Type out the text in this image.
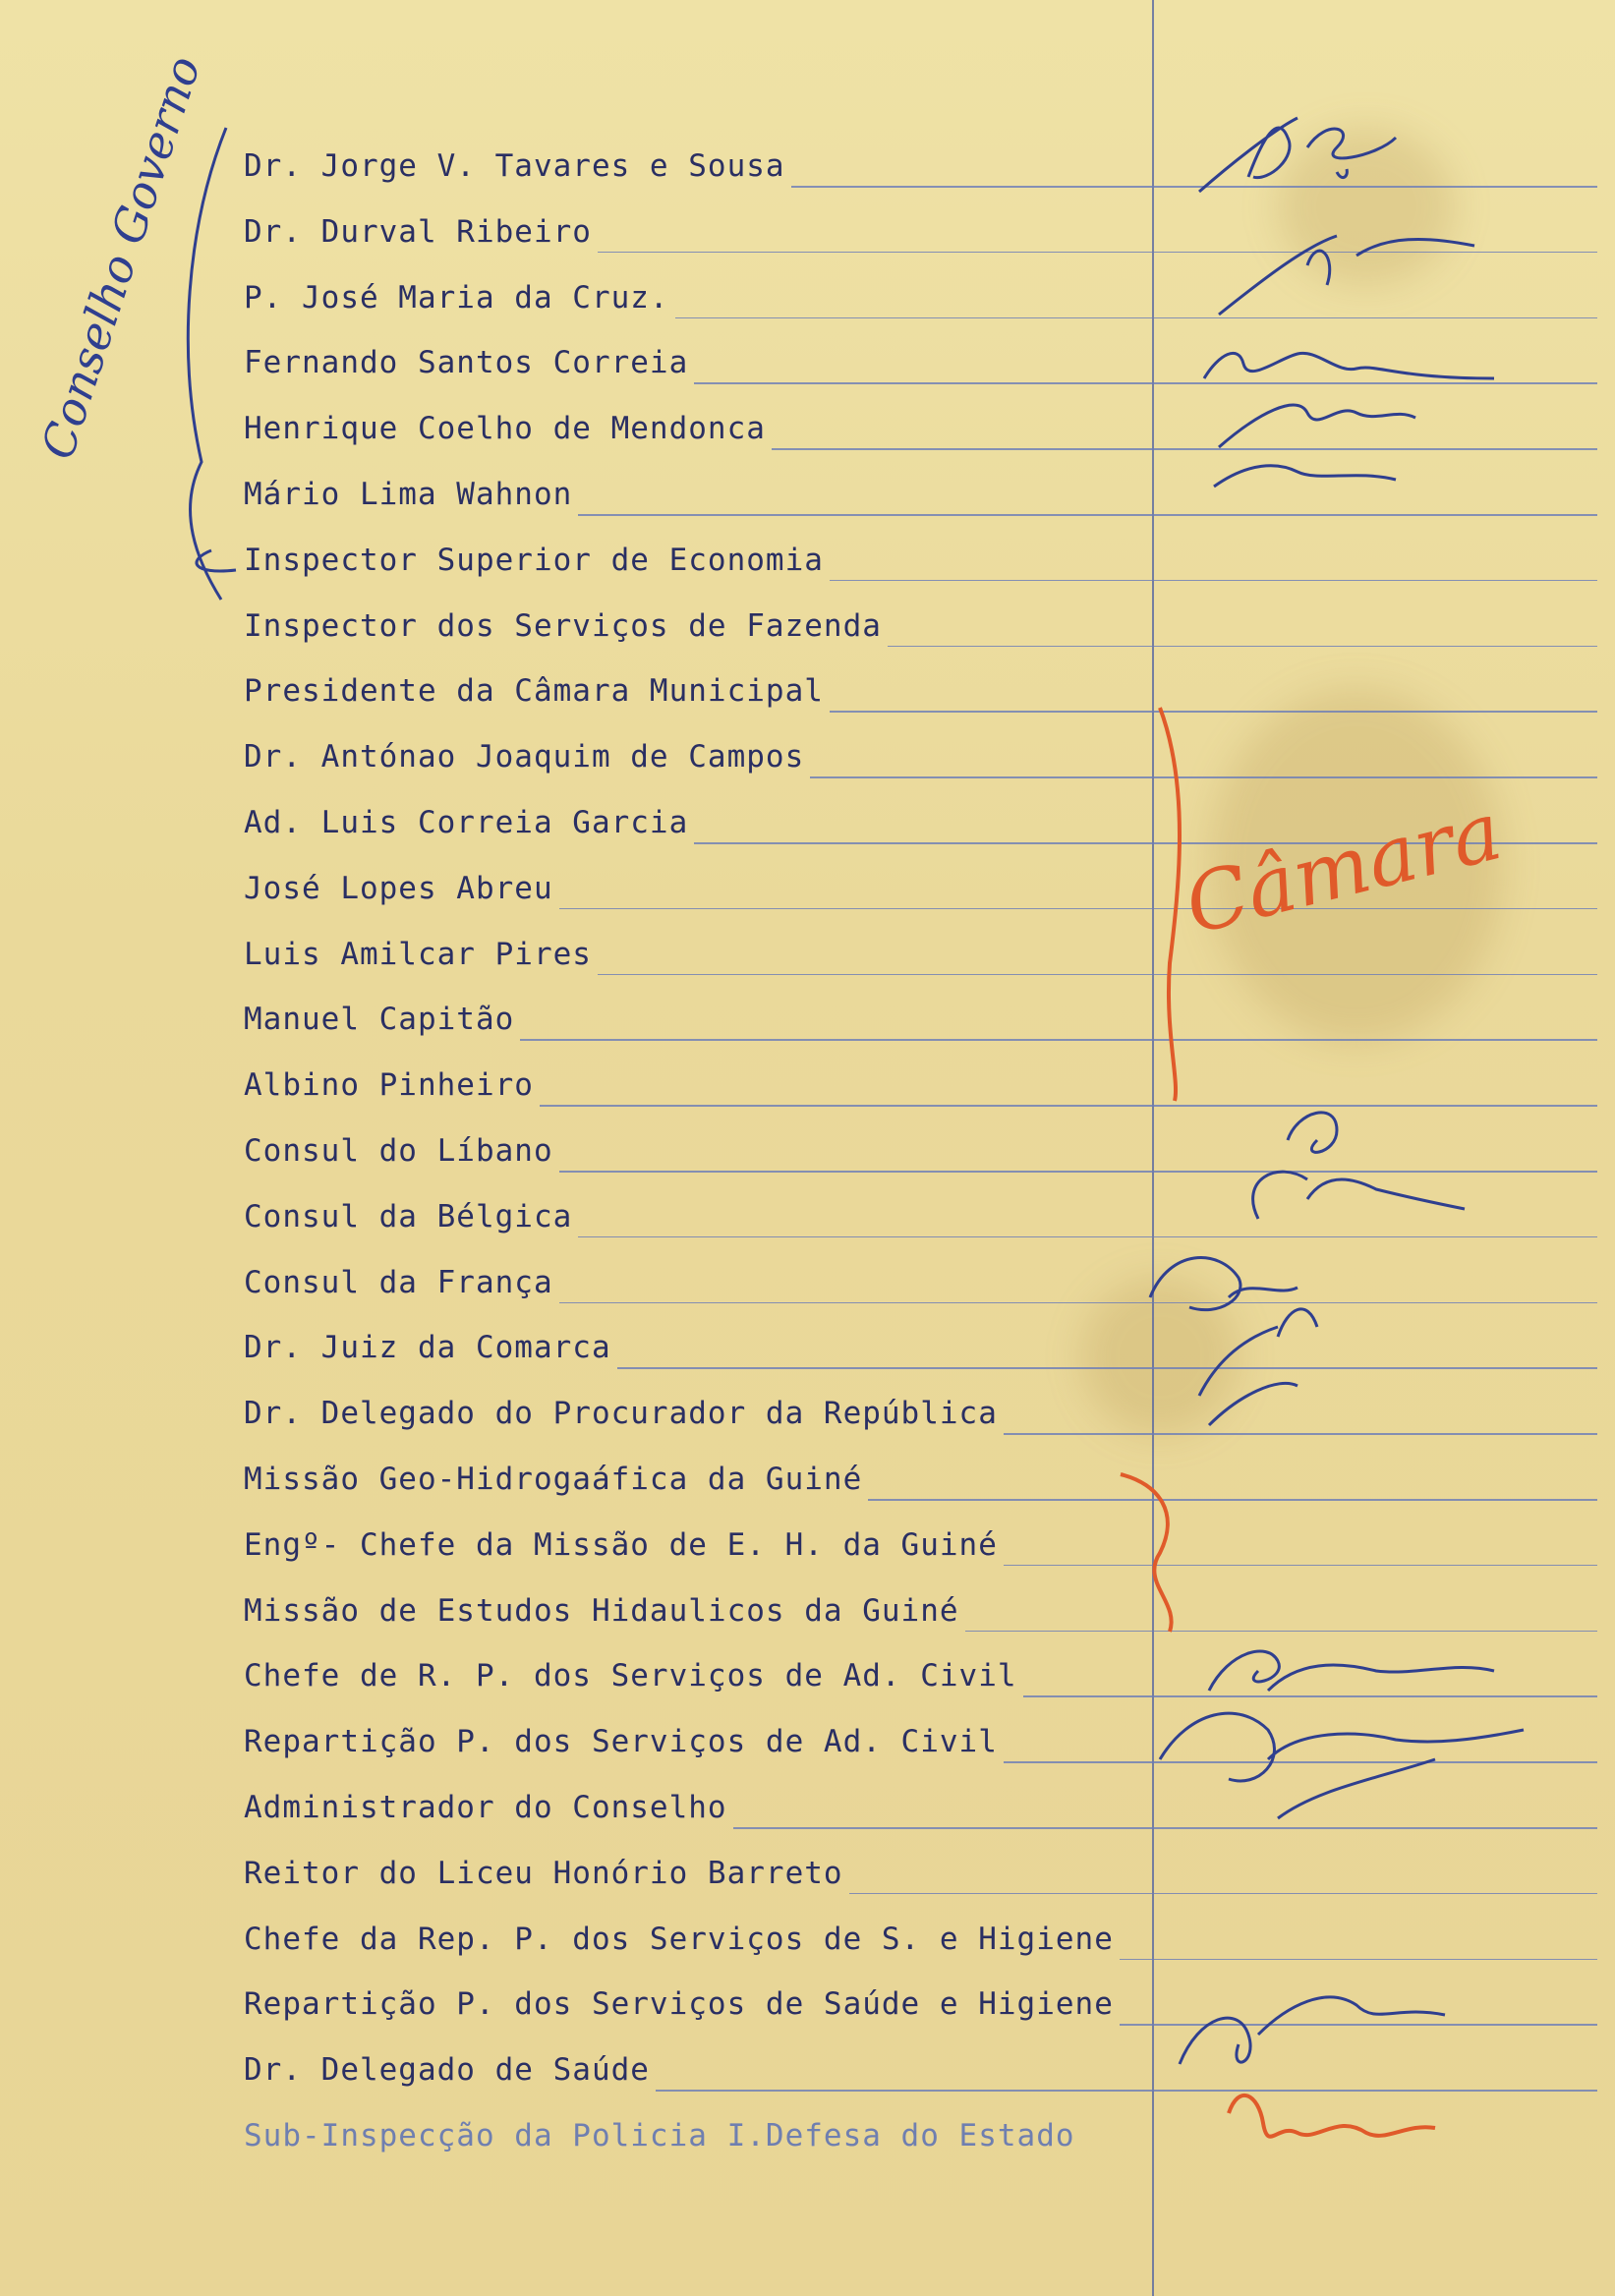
Dr. Jorge V. Tavares e Sousa
Dr. Durval Ribeiro
P. José Maria da Cruz.
Fernando Santos Correia
Henrique Coelho de Mendonca
Mário Lima Wahnon
Inspector Superior de Economia
Inspector dos Serviços de Fazenda
Presidente da Câmara Municipal
Dr. Antónao Joaquim de Campos
Ad. Luis Correia Garcia
José Lopes Abreu
Luis Amilcar Pires
Manuel Capitão
Albino Pinheiro
Consul do Líbano
Consul da Bélgica
Consul da França
Dr. Juiz da Comarca
Dr. Delegado do Procurador da República
Missão Geo-Hidrogaáfica da Guiné
Engº- Chefe da Missão de E. H. da Guiné
Missão de Estudos Hidaulicos da Guiné
Chefe de R. P. dos Serviços de Ad. Civil
Repartição P. dos Serviços de Ad. Civil
Administrador do Conselho
Reitor do Liceu Honório Barreto
Chefe da Rep. P. dos Serviços de S. e Higiene
Repartição P. dos Serviços de Saúde e Higiene
Dr. Delegado de Saúde
Sub-Inspecção da Policia I.Defesa do Estado
Conselho Governo
Câmara
